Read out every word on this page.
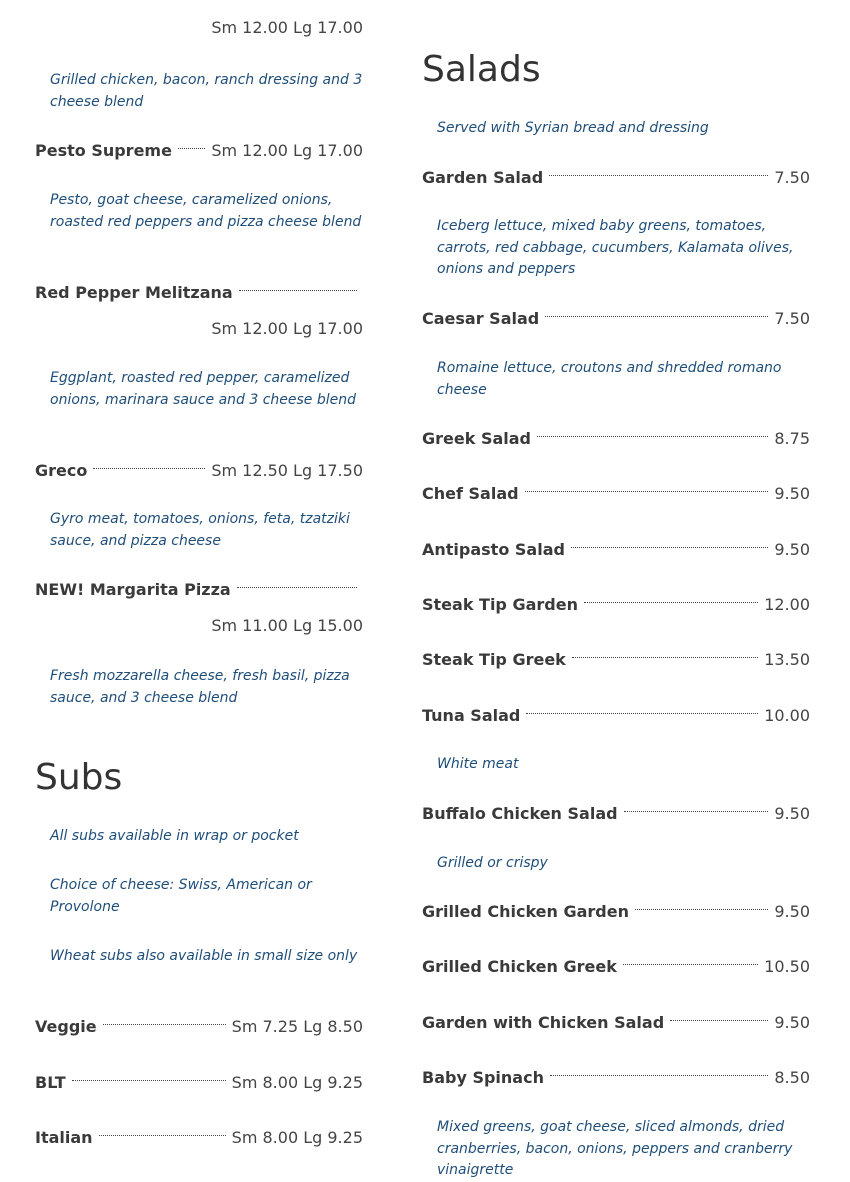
Sm 12.00 Lg 17.00
Grilled chicken, bacon, ranch dressing and 3 cheese blend
Pesto Supreme Sm 12.00 Lg 17.00
Pesto, goat cheese, caramelized onions, roasted red peppers and pizza cheese blend
Red Pepper Melitzana
Sm 12.00 Lg 17.00
Eggplant, roasted red pepper, caramelized onions, marinara sauce and 3 cheese blend
Greco	Sm 12.50 Lg 17.50
Gyro meat, tomatoes, onions, feta, tzatziki sauce, and pizza cheese
NEW! Margarita Pizza
Sm 11.00 Lg 15.00
Fresh mozzarella cheese, fresh basil, pizza sauce, and 3 cheese blend
Subs
All subs available in wrap or pocket
Choice of cheese: Swiss, American or Provolone
Wheat subs also available in small size only
Veggie	Sm 7.25 Lg 8.50
BLT	Sm 8.00 Lg 9.25
Italian	Sm 8.00 Lg 9.25
Salads
Served with Syrian bread and dressing
Garden Salad	7.50
Iceberg lettuce, mixed baby greens, tomatoes, carrots, red cabbage, cucumbers, Kalamata olives, onions and peppers
Caesar Salad	7.50
Romaine lettuce, croutons and shredded romano cheese
Greek Salad	8.75
Chef Salad	9.50
Antipasto Salad	9.50
Steak Tip Garden	12.00
Steak Tip Greek	13.50
Tuna Salad	10.00
White meat
Buffalo Chicken Salad	9.50
Grilled or crispy
Grilled Chicken Garden	9.50
Grilled Chicken Greek	10.50
Garden with Chicken Salad	9.50
Baby Spinach	8.50
Mixed greens, goat cheese, sliced almonds, dried cranberries, bacon, onions, peppers and cranberry vinaigrette
